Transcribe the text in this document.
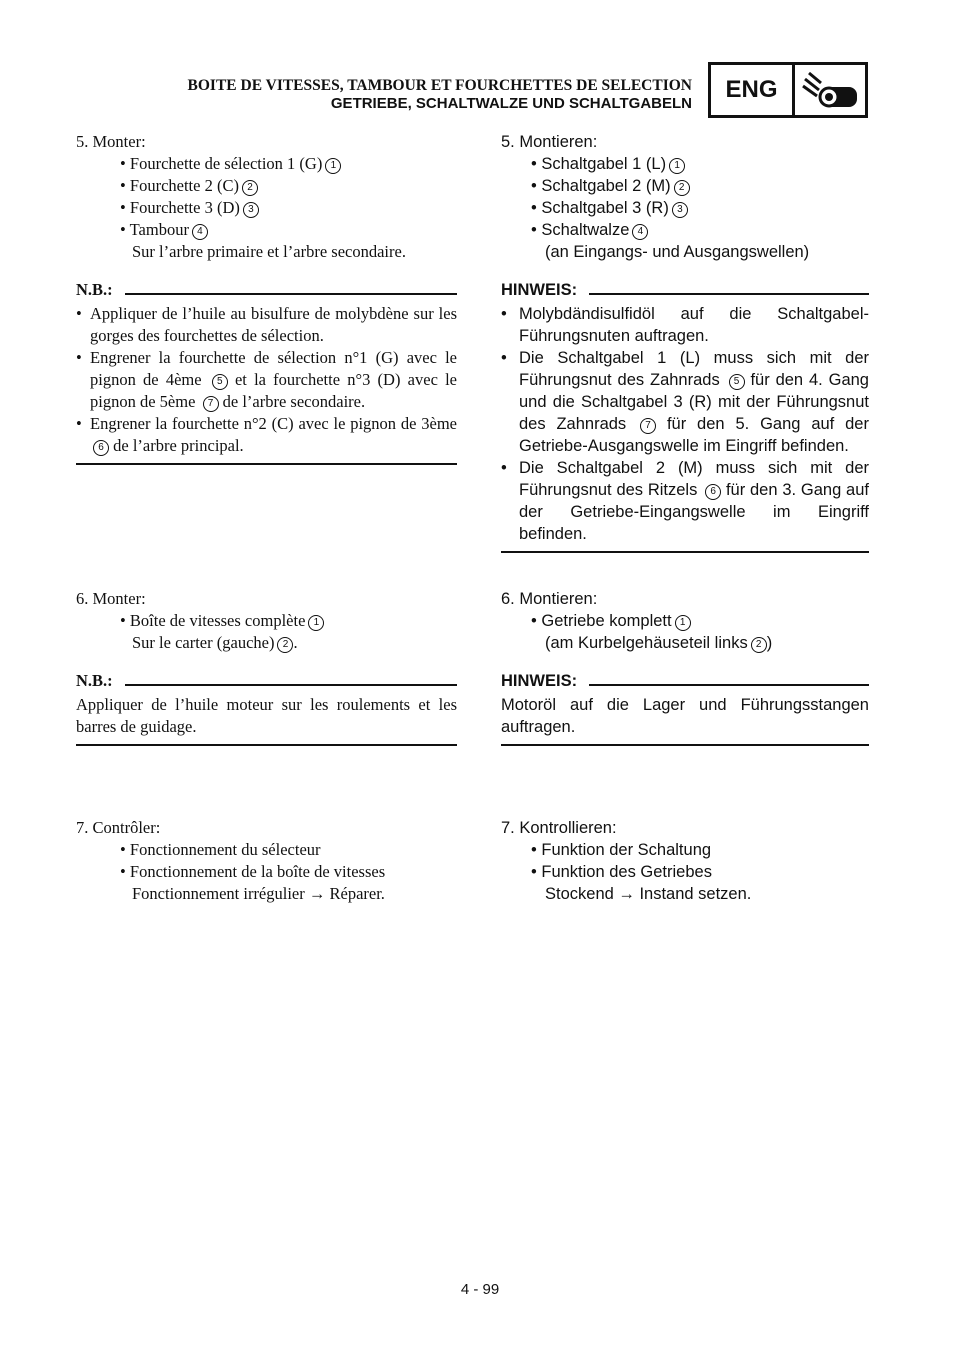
BOITE DE VITESSES, TAMBOUR ET FOURCHETTES DE SELECTION
GETRIEBE, SCHALTWALZE UND SCHALTGABELN
ENG

5. Monter:

• Fourchette de sélection 1 (G) 1

• Fourchette 2 (C) 2

• Fourchette 3 (D) 3

• Tambour 4

Sur l’arbre primaire et l’arbre secondaire.

N.B.:
• Appliquer de l’huile au bisulfure de molybdène sur les gorges des fourchettes de sélection.
• Engrener la fourchette de sélection n°1 (G) avec le pignon de 4ème 5 et la fourchette n°3 (D) avec le pignon de 5ème 7 de l’arbre secondaire.
• Engrener la fourchette n°2 (C) avec le pignon de 3ème 6 de l’arbre principal.

6. Monter:

• Boîte de vitesses complète 1

Sur le carter (gauche) 2 .

N.B.:

Appliquer de l’huile moteur sur les roulements et les barres de guidage.

7. Contrôler:

• Fonctionnement du sélecteur

• Fonctionnement de la boîte de vitesses

Fonctionnement irrégulier → Réparer.

5. Montieren:

• Schaltgabel 1 (L) 1

• Schaltgabel 2 (M) 2

• Schaltgabel 3 (R) 3

• Schaltwalze 4

(an Eingangs- und Ausgangswellen)

HINWEIS:
• Molybdändisulfidöl auf die Schaltgabel-Führungsnuten auftragen.
• Die Schaltgabel 1 (L) muss sich mit der Führungsnut des Zahnrads 5 für den 4. Gang und die Schaltgabel 3 (R) mit der Führungsnut des Zahnrads 7 für den 5. Gang auf der Getriebe-Ausgangswelle im Eingriff befinden.
• Die Schaltgabel 2 (M) muss sich mit der Führungsnut des Ritzels 6 für den 3. Gang auf der Getriebe-Eingangswelle im Eingriff befinden.

6. Montieren:

• Getriebe komplett 1

(am Kurbelgehäuseteil links 2 )

HINWEIS:

Motoröl auf die Lager und Führungsstangen auftragen.

7. Kontrollieren:

• Funktion der Schaltung

• Funktion des Getriebes

Stockend → Instand setzen.

4 - 99
